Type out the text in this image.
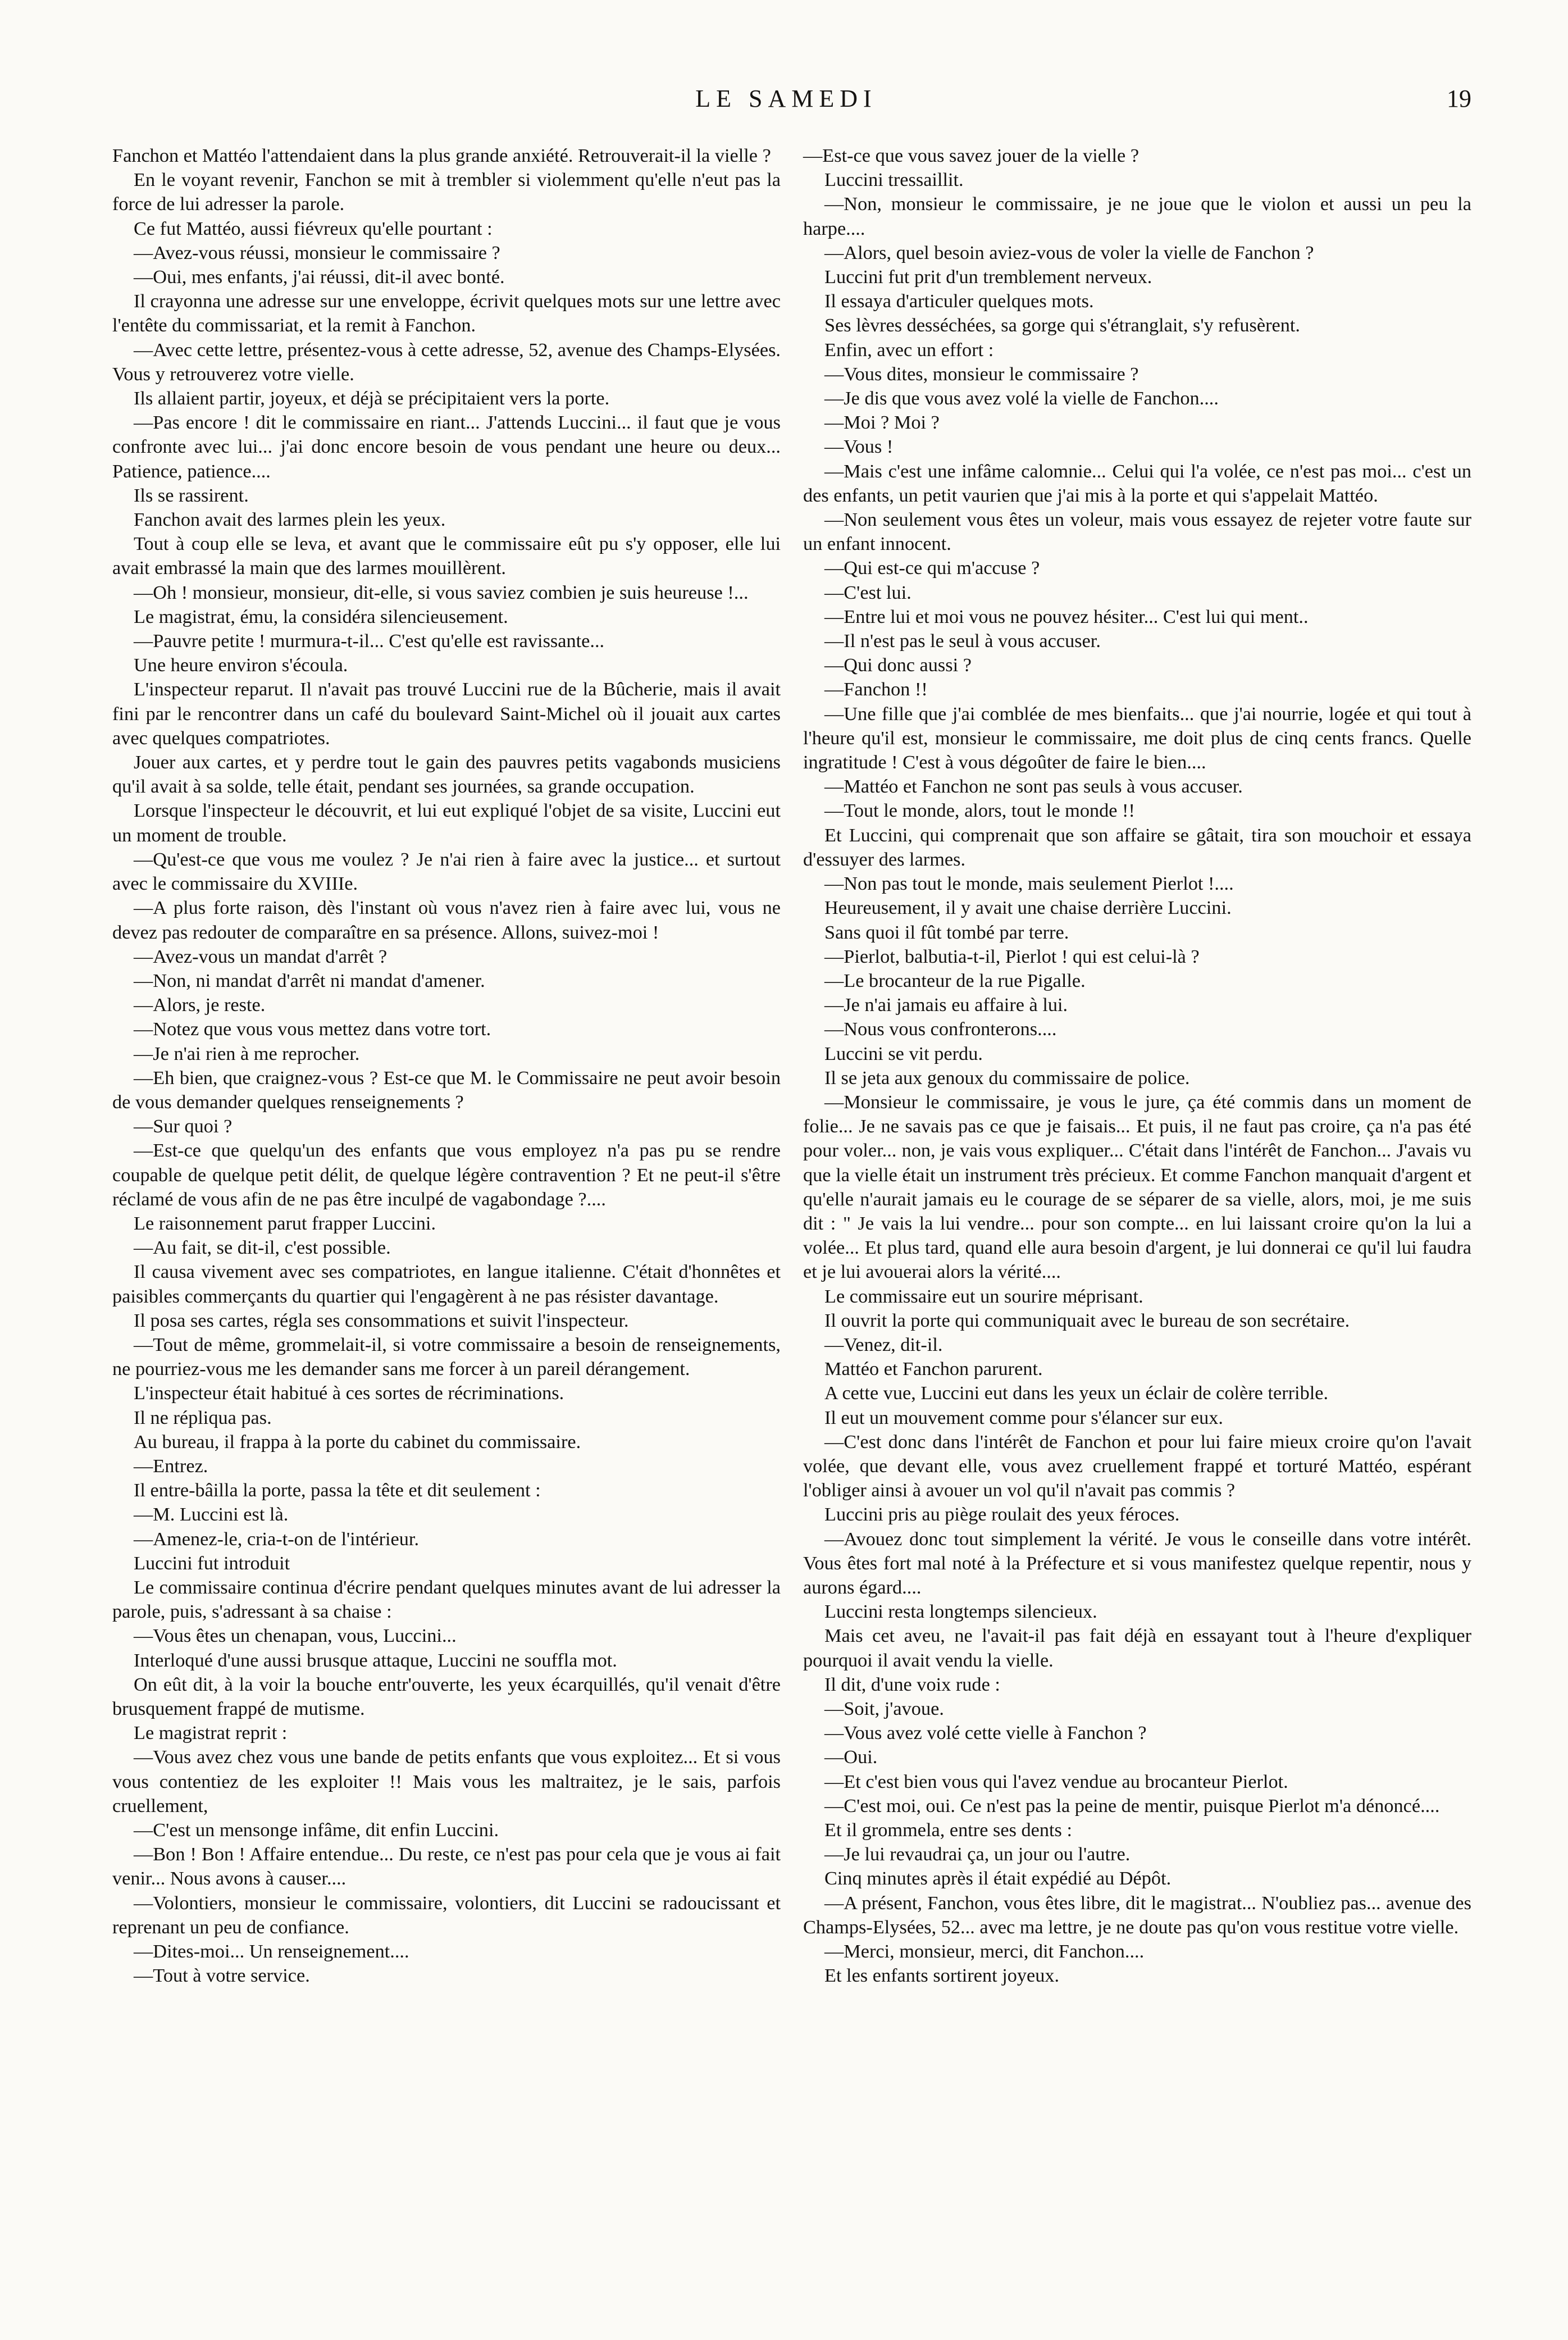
LE SAMEDI	19

Fanchon et Mattéo l'attendaient dans la plus grande anxiété. Retrouverait-il la vielle ?

En le voyant revenir, Fanchon se mit à trembler si violemment qu'elle n'eut pas la force de lui adresser la parole.

Ce fut Mattéo, aussi fiévreux qu'elle pourtant :

—Avez-vous réussi, monsieur le commissaire ?

—Oui, mes enfants, j'ai réussi, dit-il avec bonté.

Il crayonna une adresse sur une enveloppe, écrivit quelques mots sur une lettre avec l'entête du commissariat, et la remit à Fanchon.

—Avec cette lettre, présentez-vous à cette adresse, 52, avenue des Champs-Elysées. Vous y retrouverez votre vielle.

Ils allaient partir, joyeux, et déjà se précipitaient vers la porte.

—Pas encore ! dit le commissaire en riant... J'attends Luccini... il faut que je vous confronte avec lui... j'ai donc encore besoin de vous pendant une heure ou deux... Patience, patience....

Ils se rassirent.

Fanchon avait des larmes plein les yeux.

Tout à coup elle se leva, et avant que le commissaire eût pu s'y opposer, elle lui avait embrassé la main que des larmes mouillèrent.

—Oh ! monsieur, monsieur, dit-elle, si vous saviez combien je suis heureuse !...

Le magistrat, ému, la considéra silencieusement.

—Pauvre petite ! murmura-t-il... C'est qu'elle est ravissante...

Une heure environ s'écoula.

L'inspecteur reparut. Il n'avait pas trouvé Luccini rue de la Bûcherie, mais il avait fini par le rencontrer dans un café du boulevard Saint-Michel où il jouait aux cartes avec quelques compatriotes.

Jouer aux cartes, et y perdre tout le gain des pauvres petits vagabonds musiciens qu'il avait à sa solde, telle était, pendant ses journées, sa grande occupation.

Lorsque l'inspecteur le découvrit, et lui eut expliqué l'objet de sa visite, Luccini eut un moment de trouble.

—Qu'est-ce que vous me voulez ? Je n'ai rien à faire avec la justice... et surtout avec le commissaire du XVIIIe.

—A plus forte raison, dès l'instant où vous n'avez rien à faire avec lui, vous ne devez pas redouter de comparaître en sa présence. Allons, suivez-moi !

—Avez-vous un mandat d'arrêt ?

—Non, ni mandat d'arrêt ni mandat d'amener.

—Alors, je reste.

—Notez que vous vous mettez dans votre tort.

—Je n'ai rien à me reprocher.

—Eh bien, que craignez-vous ? Est-ce que M. le Commissaire ne peut avoir besoin de vous demander quelques renseignements ?

—Sur quoi ?

—Est-ce que quelqu'un des enfants que vous employez n'a pas pu se rendre coupable de quelque petit délit, de quelque légère contravention ? Et ne peut-il s'être réclamé de vous afin de ne pas être inculpé de vagabondage ?....

Le raisonnement parut frapper Luccini.

—Au fait, se dit-il, c'est possible.

Il causa vivement avec ses compatriotes, en langue italienne. C'était d'honnêtes et paisibles commerçants du quartier qui l'engagèrent à ne pas résister davantage.

Il posa ses cartes, régla ses consommations et suivit l'inspecteur.

—Tout de même, grommelait-il, si votre commissaire a besoin de renseignements, ne pourriez-vous me les demander sans me forcer à un pareil dérangement.

L'inspecteur était habitué à ces sortes de récriminations.

Il ne répliqua pas.

Au bureau, il frappa à la porte du cabinet du commissaire.

—Entrez.

Il entre-bâilla la porte, passa la tête et dit seulement :

—M. Luccini est là.

—Amenez-le, cria-t-on de l'intérieur.

Luccini fut introduit

Le commissaire continua d'écrire pendant quelques minutes avant de lui adresser la parole, puis, s'adressant à sa chaise :

—Vous êtes un chenapan, vous, Luccini...

Interloqué d'une aussi brusque attaque, Luccini ne souffla mot.

On eût dit, à la voir la bouche entr'ouverte, les yeux écarquillés, qu'il venait d'être brusquement frappé de mutisme.

Le magistrat reprit :

—Vous avez chez vous une bande de petits enfants que vous exploitez... Et si vous vous contentiez de les exploiter !! Mais vous les maltraitez, je le sais, parfois cruellement,

—C'est un mensonge infâme, dit enfin Luccini.

—Bon ! Bon ! Affaire entendue... Du reste, ce n'est pas pour cela que je vous ai fait venir... Nous avons à causer....

—Volontiers, monsieur le commissaire, volontiers, dit Luccini se radoucissant et reprenant un peu de confiance.

—Dites-moi... Un renseignement....

—Tout à votre service.

—Est-ce que vous savez jouer de la vielle ?

Luccini tressaillit.

—Non, monsieur le commissaire, je ne joue que le violon et aussi un peu la harpe....

—Alors, quel besoin aviez-vous de voler la vielle de Fanchon ?

Luccini fut prit d'un tremblement nerveux.

Il essaya d'articuler quelques mots.

Ses lèvres desséchées, sa gorge qui s'étranglait, s'y refusèrent.

Enfin, avec un effort :

—Vous dites, monsieur le commissaire ?

—Je dis que vous avez volé la vielle de Fanchon....

—Moi ? Moi ?

—Vous !

—Mais c'est une infâme calomnie... Celui qui l'a volée, ce n'est pas moi... c'est un des enfants, un petit vaurien que j'ai mis à la porte et qui s'appelait Mattéo.

—Non seulement vous êtes un voleur, mais vous essayez de rejeter votre faute sur un enfant innocent.

—Qui est-ce qui m'accuse ?

—C'est lui.

—Entre lui et moi vous ne pouvez hésiter... C'est lui qui ment..

—Il n'est pas le seul à vous accuser.

—Qui donc aussi ?

—Fanchon !!

—Une fille que j'ai comblée de mes bienfaits... que j'ai nourrie, logée et qui tout à l'heure qu'il est, monsieur le commissaire, me doit plus de cinq cents francs. Quelle ingratitude ! C'est à vous dégoûter de faire le bien....

—Mattéo et Fanchon ne sont pas seuls à vous accuser.

—Tout le monde, alors, tout le monde !!

Et Luccini, qui comprenait que son affaire se gâtait, tira son mouchoir et essaya d'essuyer des larmes.

—Non pas tout le monde, mais seulement Pierlot !....

Heureusement, il y avait une chaise derrière Luccini.

Sans quoi il fût tombé par terre.

—Pierlot, balbutia-t-il, Pierlot ! qui est celui-là ?

—Le brocanteur de la rue Pigalle.

—Je n'ai jamais eu affaire à lui.

—Nous vous confronterons....

Luccini se vit perdu.

Il se jeta aux genoux du commissaire de police.

—Monsieur le commissaire, je vous le jure, ça été commis dans un moment de folie... Je ne savais pas ce que je faisais... Et puis, il ne faut pas croire, ça n'a pas été pour voler... non, je vais vous expliquer... C'était dans l'intérêt de Fanchon... J'avais vu que la vielle était un instrument très précieux. Et comme Fanchon manquait d'argent et qu'elle n'aurait jamais eu le courage de se séparer de sa vielle, alors, moi, je me suis dit : " Je vais la lui vendre... pour son compte... en lui laissant croire qu'on la lui a volée... Et plus tard, quand elle aura besoin d'argent, je lui donnerai ce qu'il lui faudra et je lui avouerai alors la vérité....

Le commissaire eut un sourire méprisant.

Il ouvrit la porte qui communiquait avec le bureau de son secrétaire.

—Venez, dit-il.

Mattéo et Fanchon parurent.

A cette vue, Luccini eut dans les yeux un éclair de colère terrible.

Il eut un mouvement comme pour s'élancer sur eux.

—C'est donc dans l'intérêt de Fanchon et pour lui faire mieux croire qu'on l'avait volée, que devant elle, vous avez cruellement frappé et torturé Mattéo, espérant l'obliger ainsi à avouer un vol qu'il n'avait pas commis ?

Luccini pris au piège roulait des yeux féroces.

—Avouez donc tout simplement la vérité. Je vous le conseille dans votre intérêt. Vous êtes fort mal noté à la Préfecture et si vous manifestez quelque repentir, nous y aurons égard....

Luccini resta longtemps silencieux.

Mais cet aveu, ne l'avait-il pas fait déjà en essayant tout à l'heure d'expliquer pourquoi il avait vendu la vielle.

Il dit, d'une voix rude :

—Soit, j'avoue.

—Vous avez volé cette vielle à Fanchon ?

—Oui.

—Et c'est bien vous qui l'avez vendue au brocanteur Pierlot.

—C'est moi, oui. Ce n'est pas la peine de mentir, puisque Pierlot m'a dénoncé....

Et il grommela, entre ses dents :

—Je lui revaudrai ça, un jour ou l'autre.

Cinq minutes après il était expédié au Dépôt.

—A présent, Fanchon, vous êtes libre, dit le magistrat... N'oubliez pas... avenue des Champs-Elysées, 52... avec ma lettre, je ne doute pas qu'on vous restitue votre vielle.

—Merci, monsieur, merci, dit Fanchon....

Et les enfants sortirent joyeux.
